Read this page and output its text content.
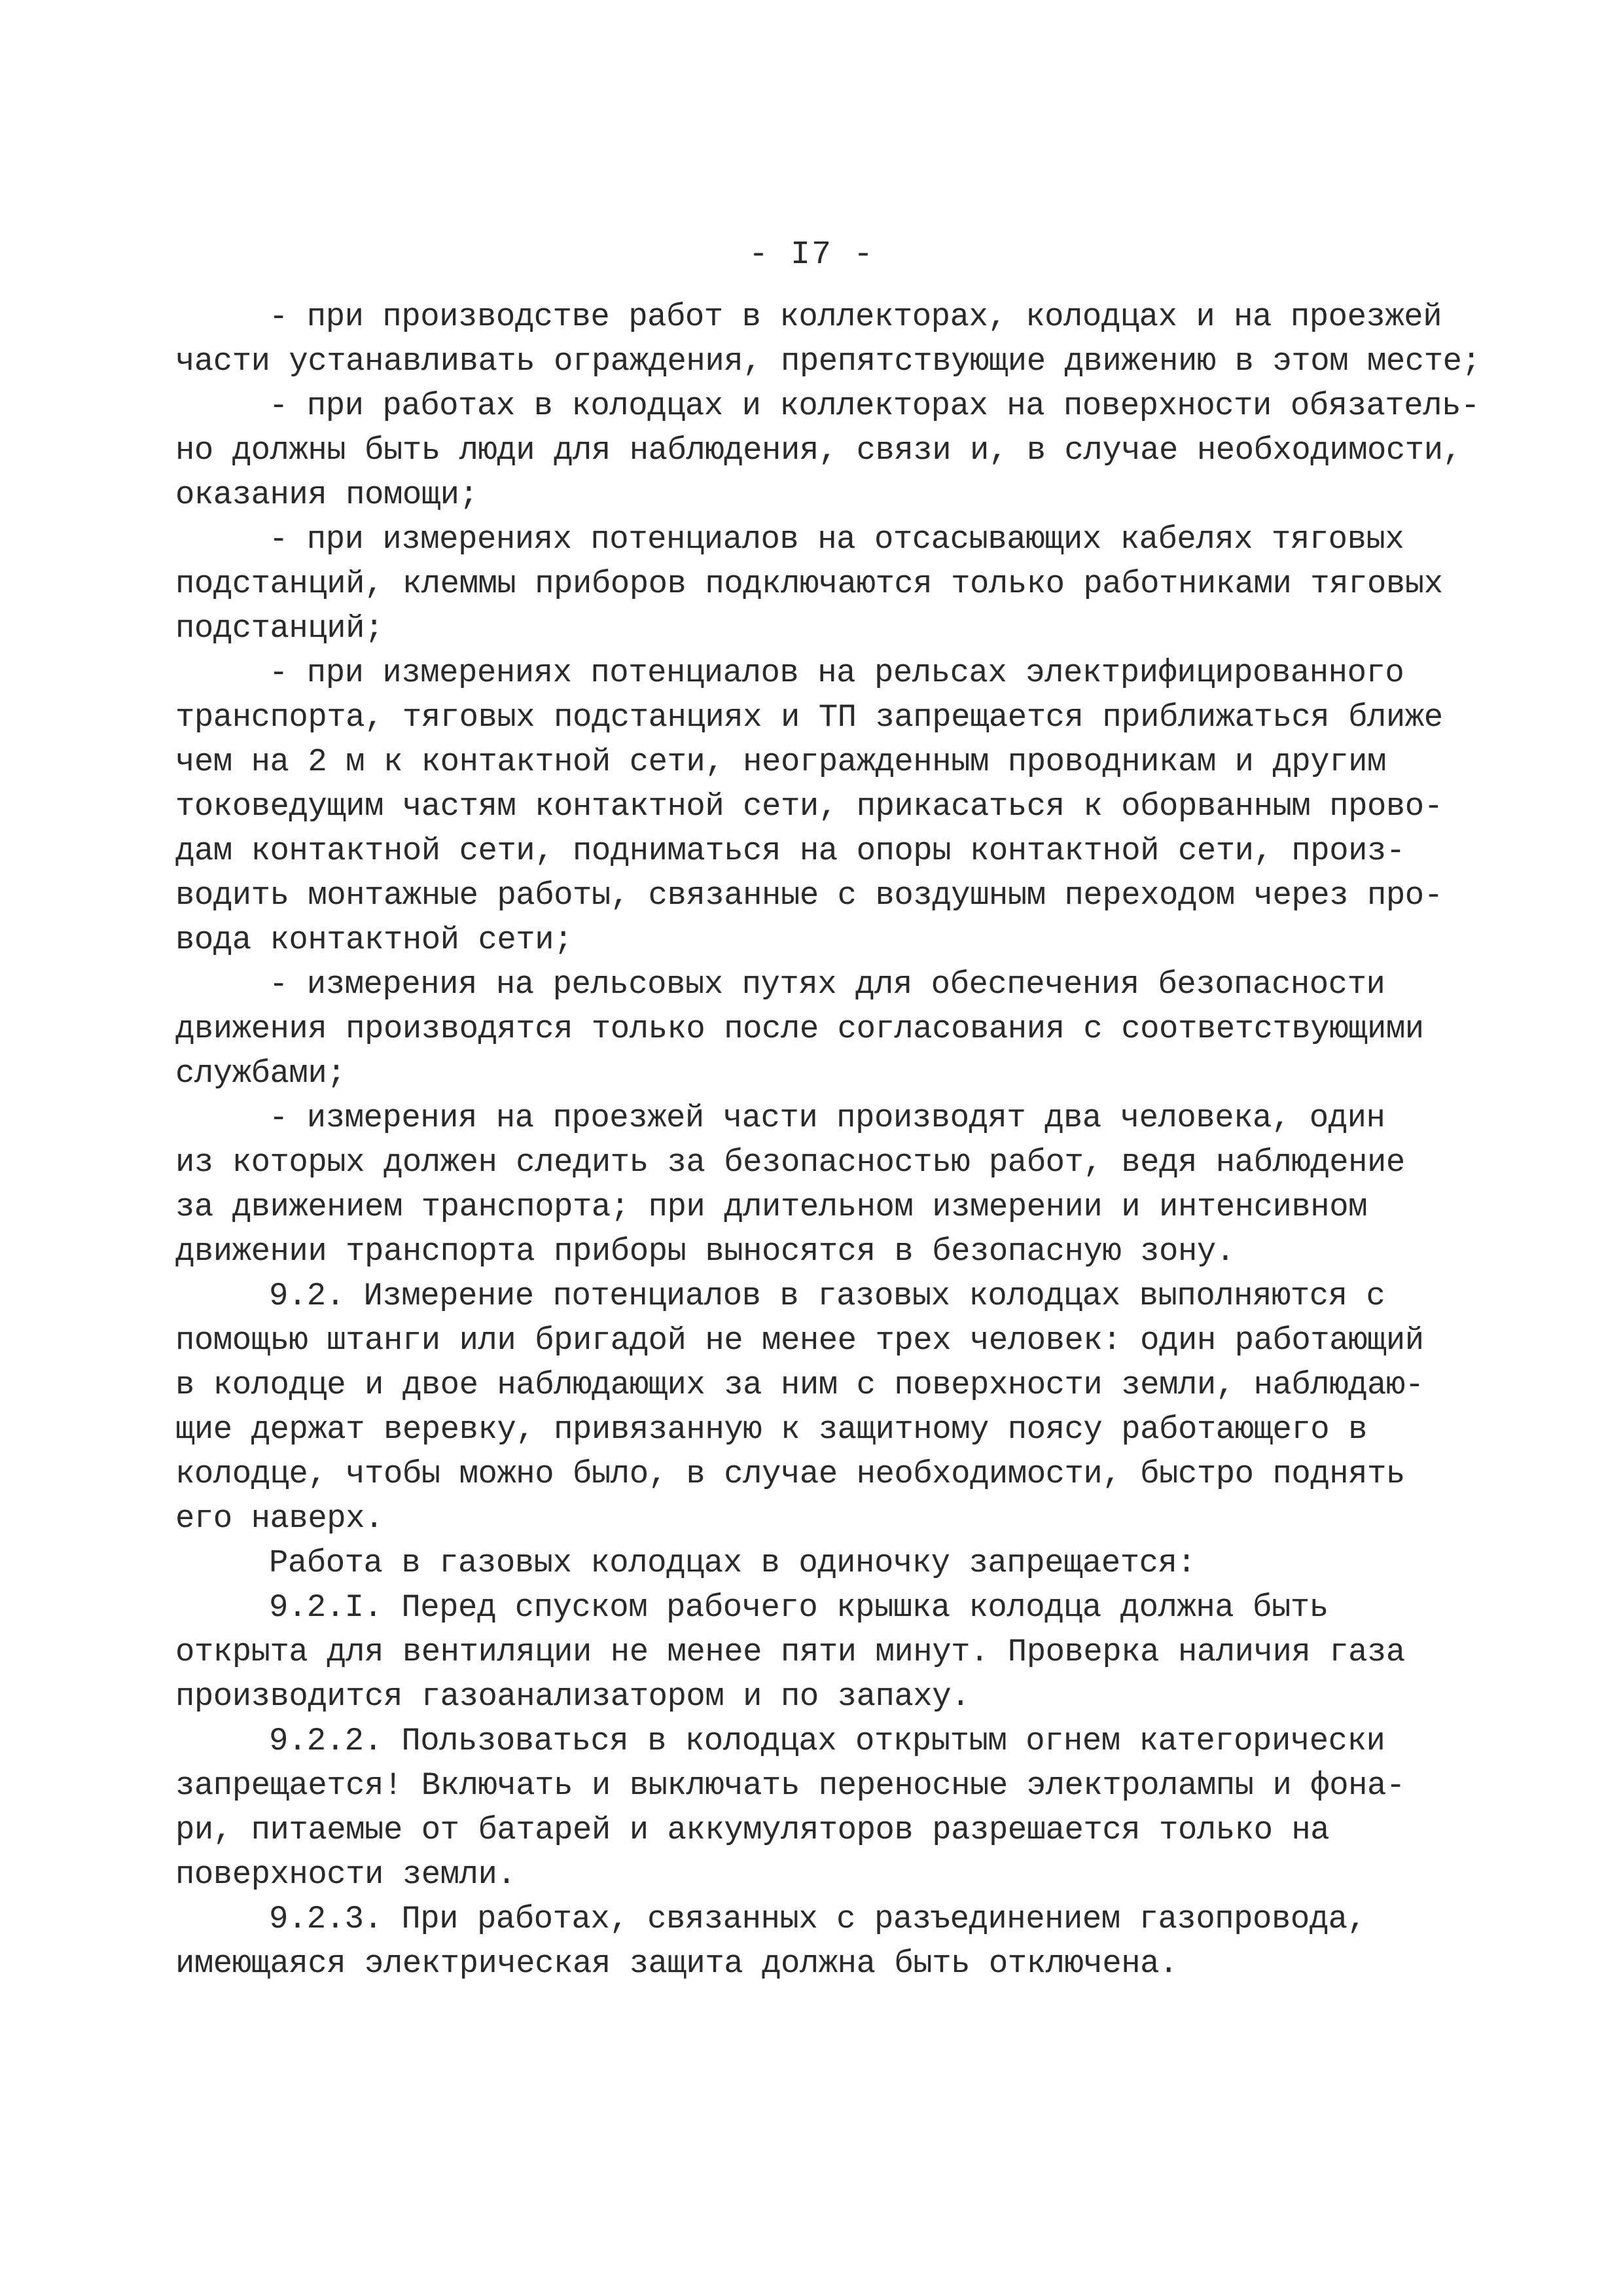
- I7 -
- при производстве работ в коллекторах, колодцах и на проезжей
части устанавливать ограждения, препятствующие движению в этом месте;
- при работах в колодцах и коллекторах на поверхности обязатель-
но должны быть люди для наблюдения, связи и, в случае необходимости,
оказания помощи;
- при измерениях потенциалов на отсасывающих кабелях тяговых
подстанций, клеммы приборов подключаются только работниками тяговых
подстанций;
- при измерениях потенциалов на рельсах электрифицированного
транспорта, тяговых подстанциях и ТП запрещается приближаться ближе
чем на 2 м к контактной сети, неогражденным проводникам и другим
токоведущим частям контактной сети, прикасаться к оборванным прово-
дам контактной сети, подниматься на опоры контактной сети, произ-
водить монтажные работы, связанные с воздушным переходом через про-
вода контактной сети;
- измерения на рельсовых путях для обеспечения безопасности
движения производятся только после согласования с соответствующими
службами;
- измерения на проезжей части производят два человека, один
из которых должен следить за безопасностью работ, ведя наблюдение
за движением транспорта; при длительном измерении и интенсивном
движении транспорта приборы выносятся в безопасную зону.
9.2. Измерение потенциалов в газовых колодцах выполняются с
помощью штанги или бригадой не менее трех человек: один работающий
в колодце и двое наблюдающих за ним с поверхности земли, наблюдаю-
щие держат веревку, привязанную к защитному поясу работающего в
колодце, чтобы можно было, в случае необходимости, быстро поднять
его наверх.
Работа в газовых колодцах в одиночку запрещается:
9.2.I. Перед спуском рабочего крышка колодца должна быть
открыта для вентиляции не менее пяти минут. Проверка наличия газа
производится газоанализатором и по запаху.
9.2.2. Пользоваться в колодцах открытым огнем категорически
запрещается! Включать и выключать переносные электролампы и фона-
ри, питаемые от батарей и аккумуляторов разрешается только на
поверхности земли.
9.2.3. При работах, связанных с разъединением газопровода,
имеющаяся электрическая защита должна быть отключена.
